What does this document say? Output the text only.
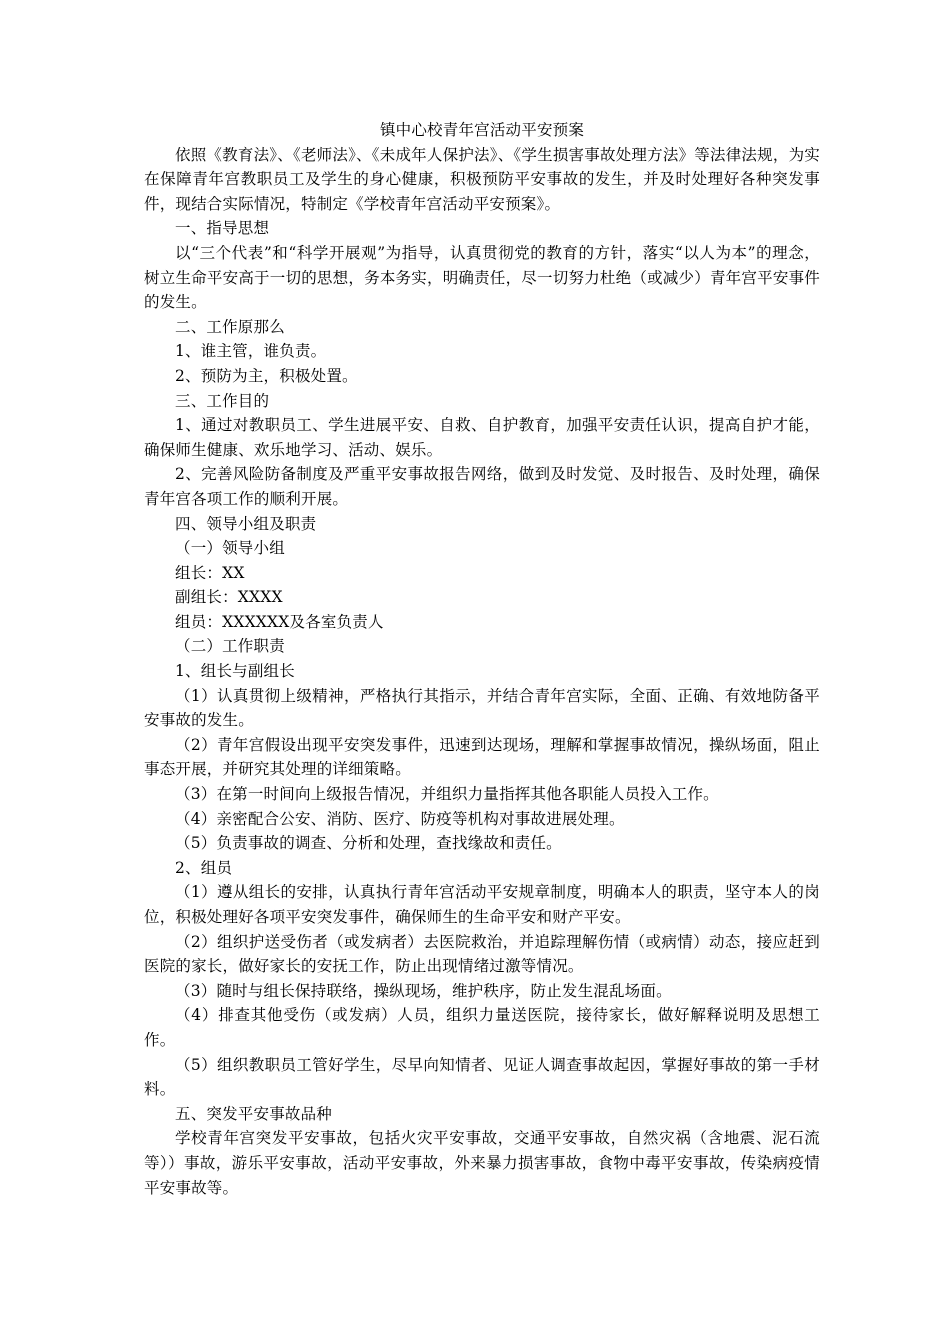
镇中心校青年宫活动平安预案

依照《教育法》、《老师法》、《未成年人保护法》、《学生损害事故处理方法》等法律法规，为实在保障青年宫教职员工及学生的身心健康，积极预防平安事故的发生，并及时处理好各种突发事件，现结合实际情况，特制定《学校青年宫活动平安预案》。

一、指导思想

以“三个代表”和“科学开展观”为指导，认真贯彻党的教育的方针，落实“以人为本”的理念，树立生命平安高于一切的思想，务本务实，明确责任，尽一切努力杜绝（或减少）青年宫平安事件的发生。

二、工作原那么

1、谁主管，谁负责。

2、预防为主，积极处置。

三、工作目的

1、通过对教职员工、学生进展平安、自救、自护教育，加强平安责任认识，提高自护才能，确保师生健康、欢乐地学习、活动、娱乐。

2、完善风险防备制度及严重平安事故报告网络，做到及时发觉、及时报告、及时处理，确保青年宫各项工作的顺利开展。

四、领导小组及职责

（一）领导小组

组长：XX

副组长：XXXX

组员：XXXXXX及各室负责人

（二）工作职责

1、组长与副组长

（1）认真贯彻上级精神，严格执行其指示，并结合青年宫实际，全面、正确、有效地防备平安事故的发生。

（2）青年宫假设出现平安突发事件，迅速到达现场，理解和掌握事故情况，操纵场面，阻止事态开展，并研究其处理的详细策略。

（3）在第一时间向上级报告情况，并组织力量指挥其他各职能人员投入工作。

（4）亲密配合公安、消防、医疗、防疫等机构对事故进展处理。

（5）负责事故的调查、分析和处理，查找缘故和责任。

2、组员

（1）遵从组长的安排，认真执行青年宫活动平安规章制度，明确本人的职责，坚守本人的岗位，积极处理好各项平安突发事件，确保师生的生命平安和财产平安。

（2）组织护送受伤者（或发病者）去医院救治，并追踪理解伤情（或病情）动态，接应赶到医院的家长，做好家长的安抚工作，防止出现情绪过激等情况。

（3）随时与组长保持联络，操纵现场，维护秩序，防止发生混乱场面。

（4）排查其他受伤（或发病）人员，组织力量送医院，接待家长，做好解释说明及思想工作。

（5）组织教职员工管好学生，尽早向知情者、见证人调查事故起因，掌握好事故的第一手材料。

五、突发平安事故品种

学校青年宫突发平安事故，包括火灾平安事故，交通平安事故，自然灾祸（含地震、泥石流等））事故，游乐平安事故，活动平安事故，外来暴力损害事故，食物中毒平安事故，传染病疫情平安事故等。
